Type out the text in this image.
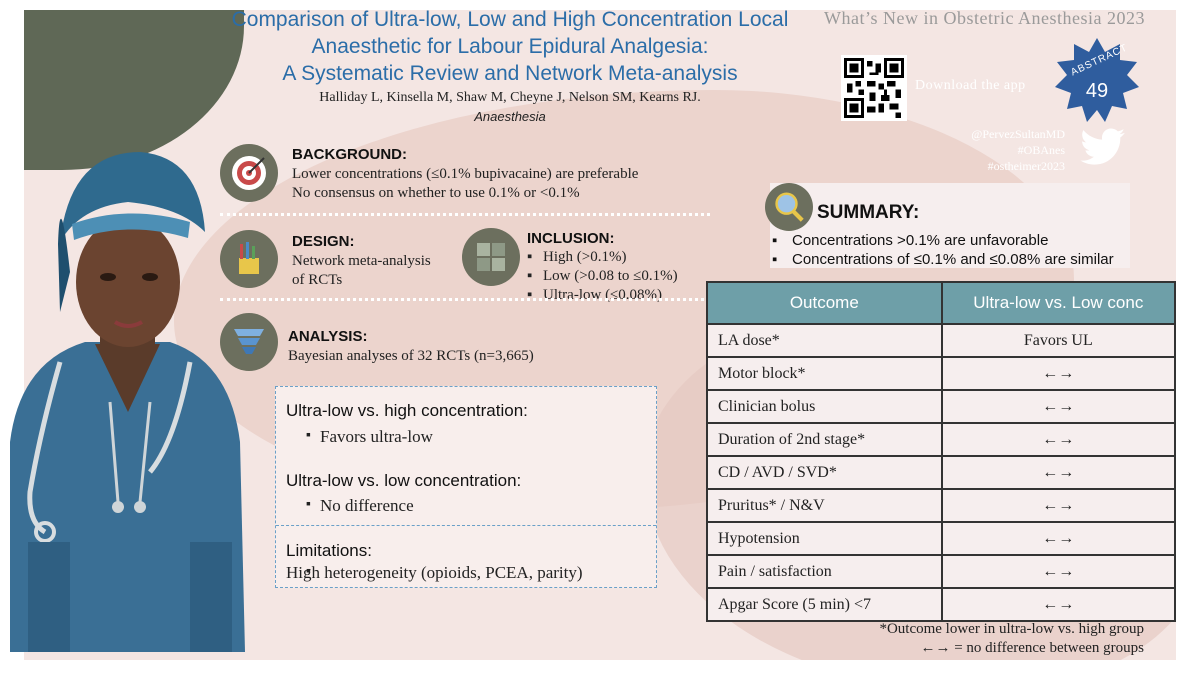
Comparison of Ultra-low, Low and High Concentration Local
Anaesthetic for Labour Epidural Analgesia:
A Systematic Review and Network Meta-analysis
Halliday L, Kinsella M, Shaw M, Cheyne J, Nelson SM, Kearns RJ.
Anaesthesia
What’s New in Obstetric Anesthesia 2023
Download the app
ABSTRACT
49
@PervezSultanMD
#OBAnes
#ostheimer2023
BACKGROUND:
Lower concentrations (≤0.1% bupivacaine) are preferable
No consensus on whether to use 0.1% or <0.1%
DESIGN:
Network meta-analysis
of RCTs
INCLUSION:
▪ High (>0.1%)
▪ Low (>0.08 to ≤0.1%)
▪ Ultra-low (≤0.08%)
ANALYSIS:
Bayesian analyses of 32 RCTs (n=3,665)
Ultra-low vs. high concentration:
▪ Favors ultra-low
Ultra-low vs. low concentration:
▪ No difference
Limitations:
▪ High heterogeneity (opioids, PCEA, parity)
SUMMARY:
▪ Concentrations >0.1% are unfavorable
▪ Concentrations of ≤0.1% and ≤0.08% are similar
Outcome	Ultra-low vs. Low conc
LA dose*	Favors UL
Motor block*	←→
Clinician bolus	←→
Duration of 2nd stage*	←→
CD / AVD / SVD*	←→
Pruritus* / N&V	←→
Hypotension	←→
Pain / satisfaction	←→
Apgar Score (5 min) <7	←→
*Outcome lower in ultra-low vs. high group
←→ = no difference between groups
